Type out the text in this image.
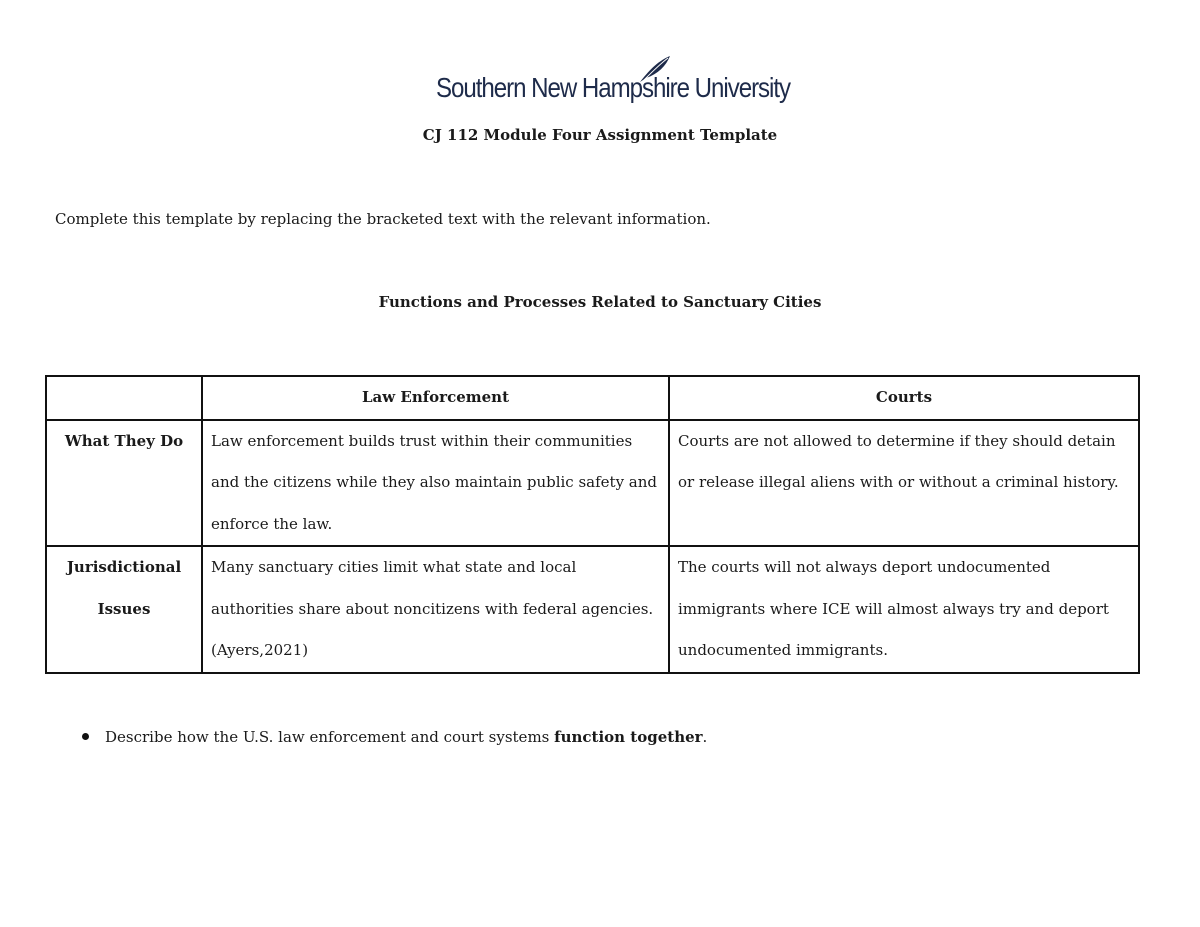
Southern New Hampshire University
CJ 112 Module Four Assignment Template
Complete this template by replacing the bracketed text with the relevant information.
Functions and Processes Related to Sanctuary Cities
	Law Enforcement	Courts
What They Do	Law enforcement builds trust within their communities and the citizens while they also maintain public safety and enforce the law.	Courts are not allowed to determine if they should detain or release illegal aliens with or without a criminal history.
Jurisdictional Issues	Many sanctuary cities limit what state and local authorities share about noncitizens with federal agencies. (Ayers,2021)	The courts will not always deport undocumented immigrants where ICE will almost always try and deport undocumented immigrants.
Describe how the U.S. law enforcement and court systems function together.
